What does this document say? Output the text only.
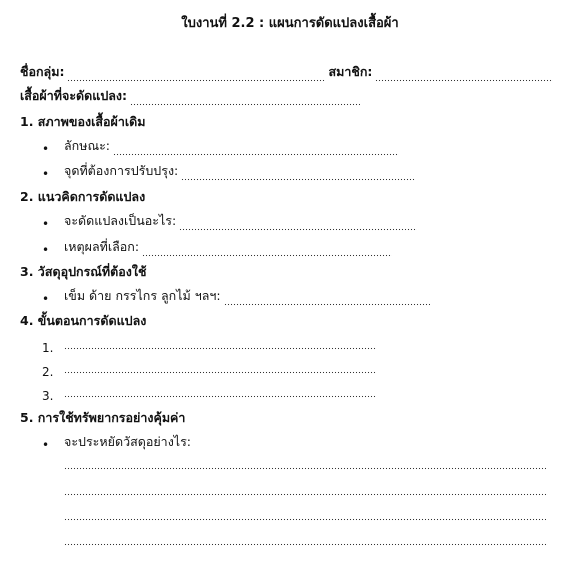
ใบงานที่ 2.2 : แผนการดัดแปลงเสื้อผ้า
ชื่อกลุ่ม:	สมาชิก:
เสื้อผ้าที่จะดัดแปลง:
1. สภาพของเสื้อผ้าเดิม
• ลักษณะ:
• จุดที่ต้องการปรับปรุง:
2. แนวคิดการดัดแปลง
• จะดัดแปลงเป็นอะไร:
• เหตุผลที่เลือก:
3. วัสดุอุปกรณ์ที่ต้องใช้
• เข็ม ด้าย กรรไกร ลูกไม้ ฯลฯ:
4. ขั้นตอนการดัดแปลง
1.
2.
3.
5. การใช้ทรัพยากรอย่างคุ้มค่า
• จะประหยัดวัสดุอย่างไร:
